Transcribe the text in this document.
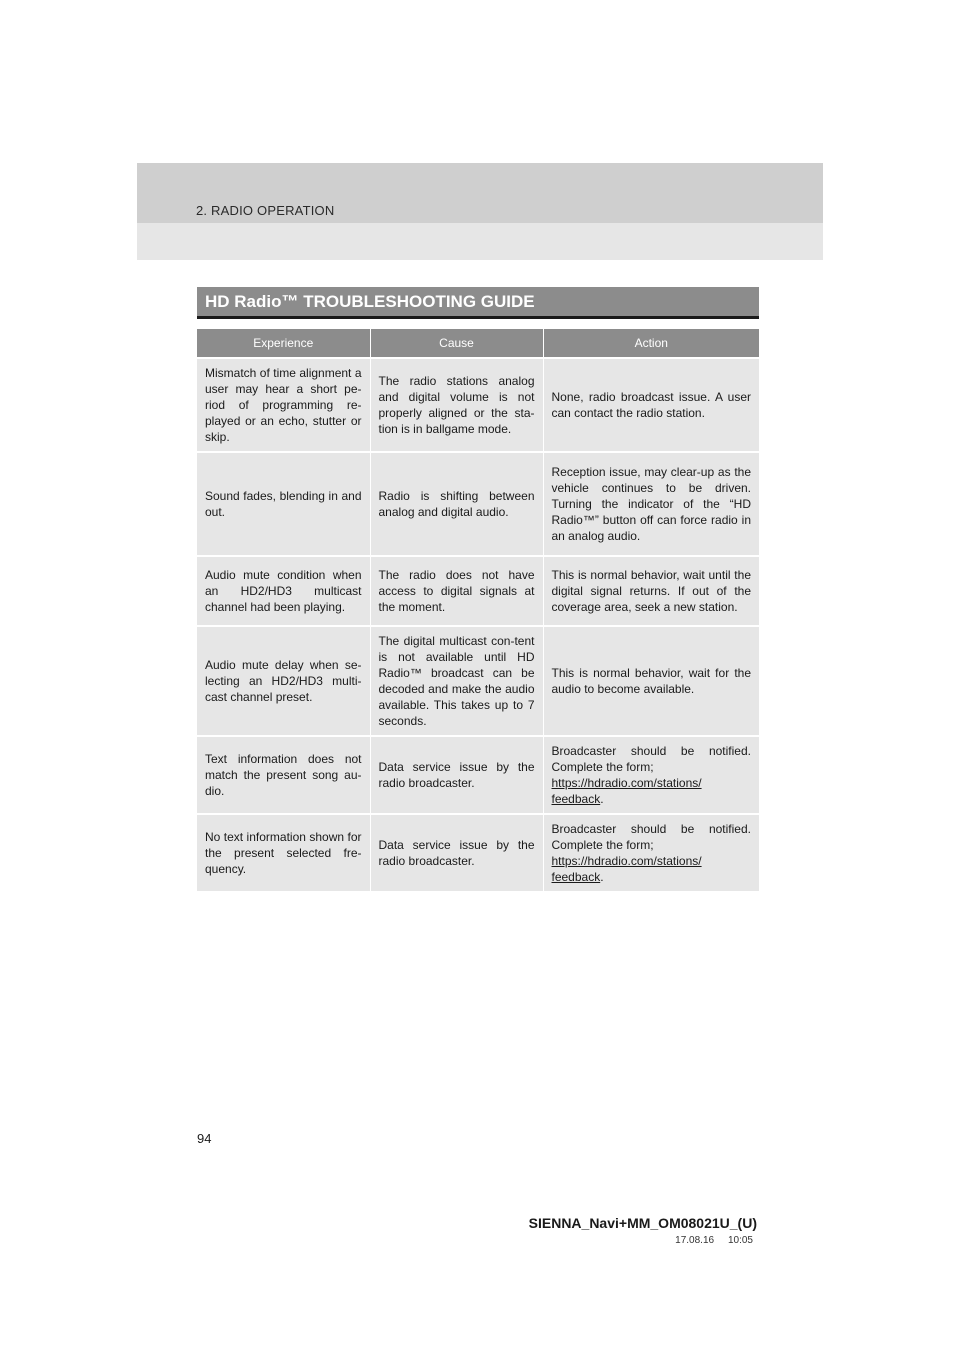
2. RADIO OPERATION
HD Radio™ TROUBLESHOOTING GUIDE
Experience	Cause	Action
Mismatch of time alignment a user may hear a short pe-riod of programming re-played or an echo, stutter or skip.	The radio stations analog and digital volume is not properly aligned or the sta-tion is in ballgame mode.	None, radio broadcast issue. A user can contact the radio station.
Sound fades, blending in and out.	Radio is shifting between analog and digital audio.	Reception issue, may clear-up as the vehicle continues to be driven. Turning the indicator of the “HD Radio™” button off can force radio in an analog audio.
Audio mute condition when an HD2/HD3 multicast channel had been playing.	The radio does not have access to digital signals at the moment.	This is normal behavior, wait until the digital signal returns. If out of the coverage area, seek a new station.
Audio mute delay when se-lecting an HD2/HD3 multi-cast channel preset.	The digital multicast con-tent is not available until HD Radio™ broadcast can be decoded and make the audio available. This takes up to 7 seconds.	This is normal behavior, wait for the audio to become available.
Text information does not match the present song au-dio.	Data service issue by the radio broadcaster.	Broadcaster should be notified. Complete the form;
https://hdradio.com/stations/
feedback.
No text information shown for the present selected fre-quency.	Data service issue by the radio broadcaster.	Broadcaster should be notified. Complete the form;
https://hdradio.com/stations/
feedback.
94
SIENNA_Navi+MM_OM08021U_(U)
17.08.16     10:05
